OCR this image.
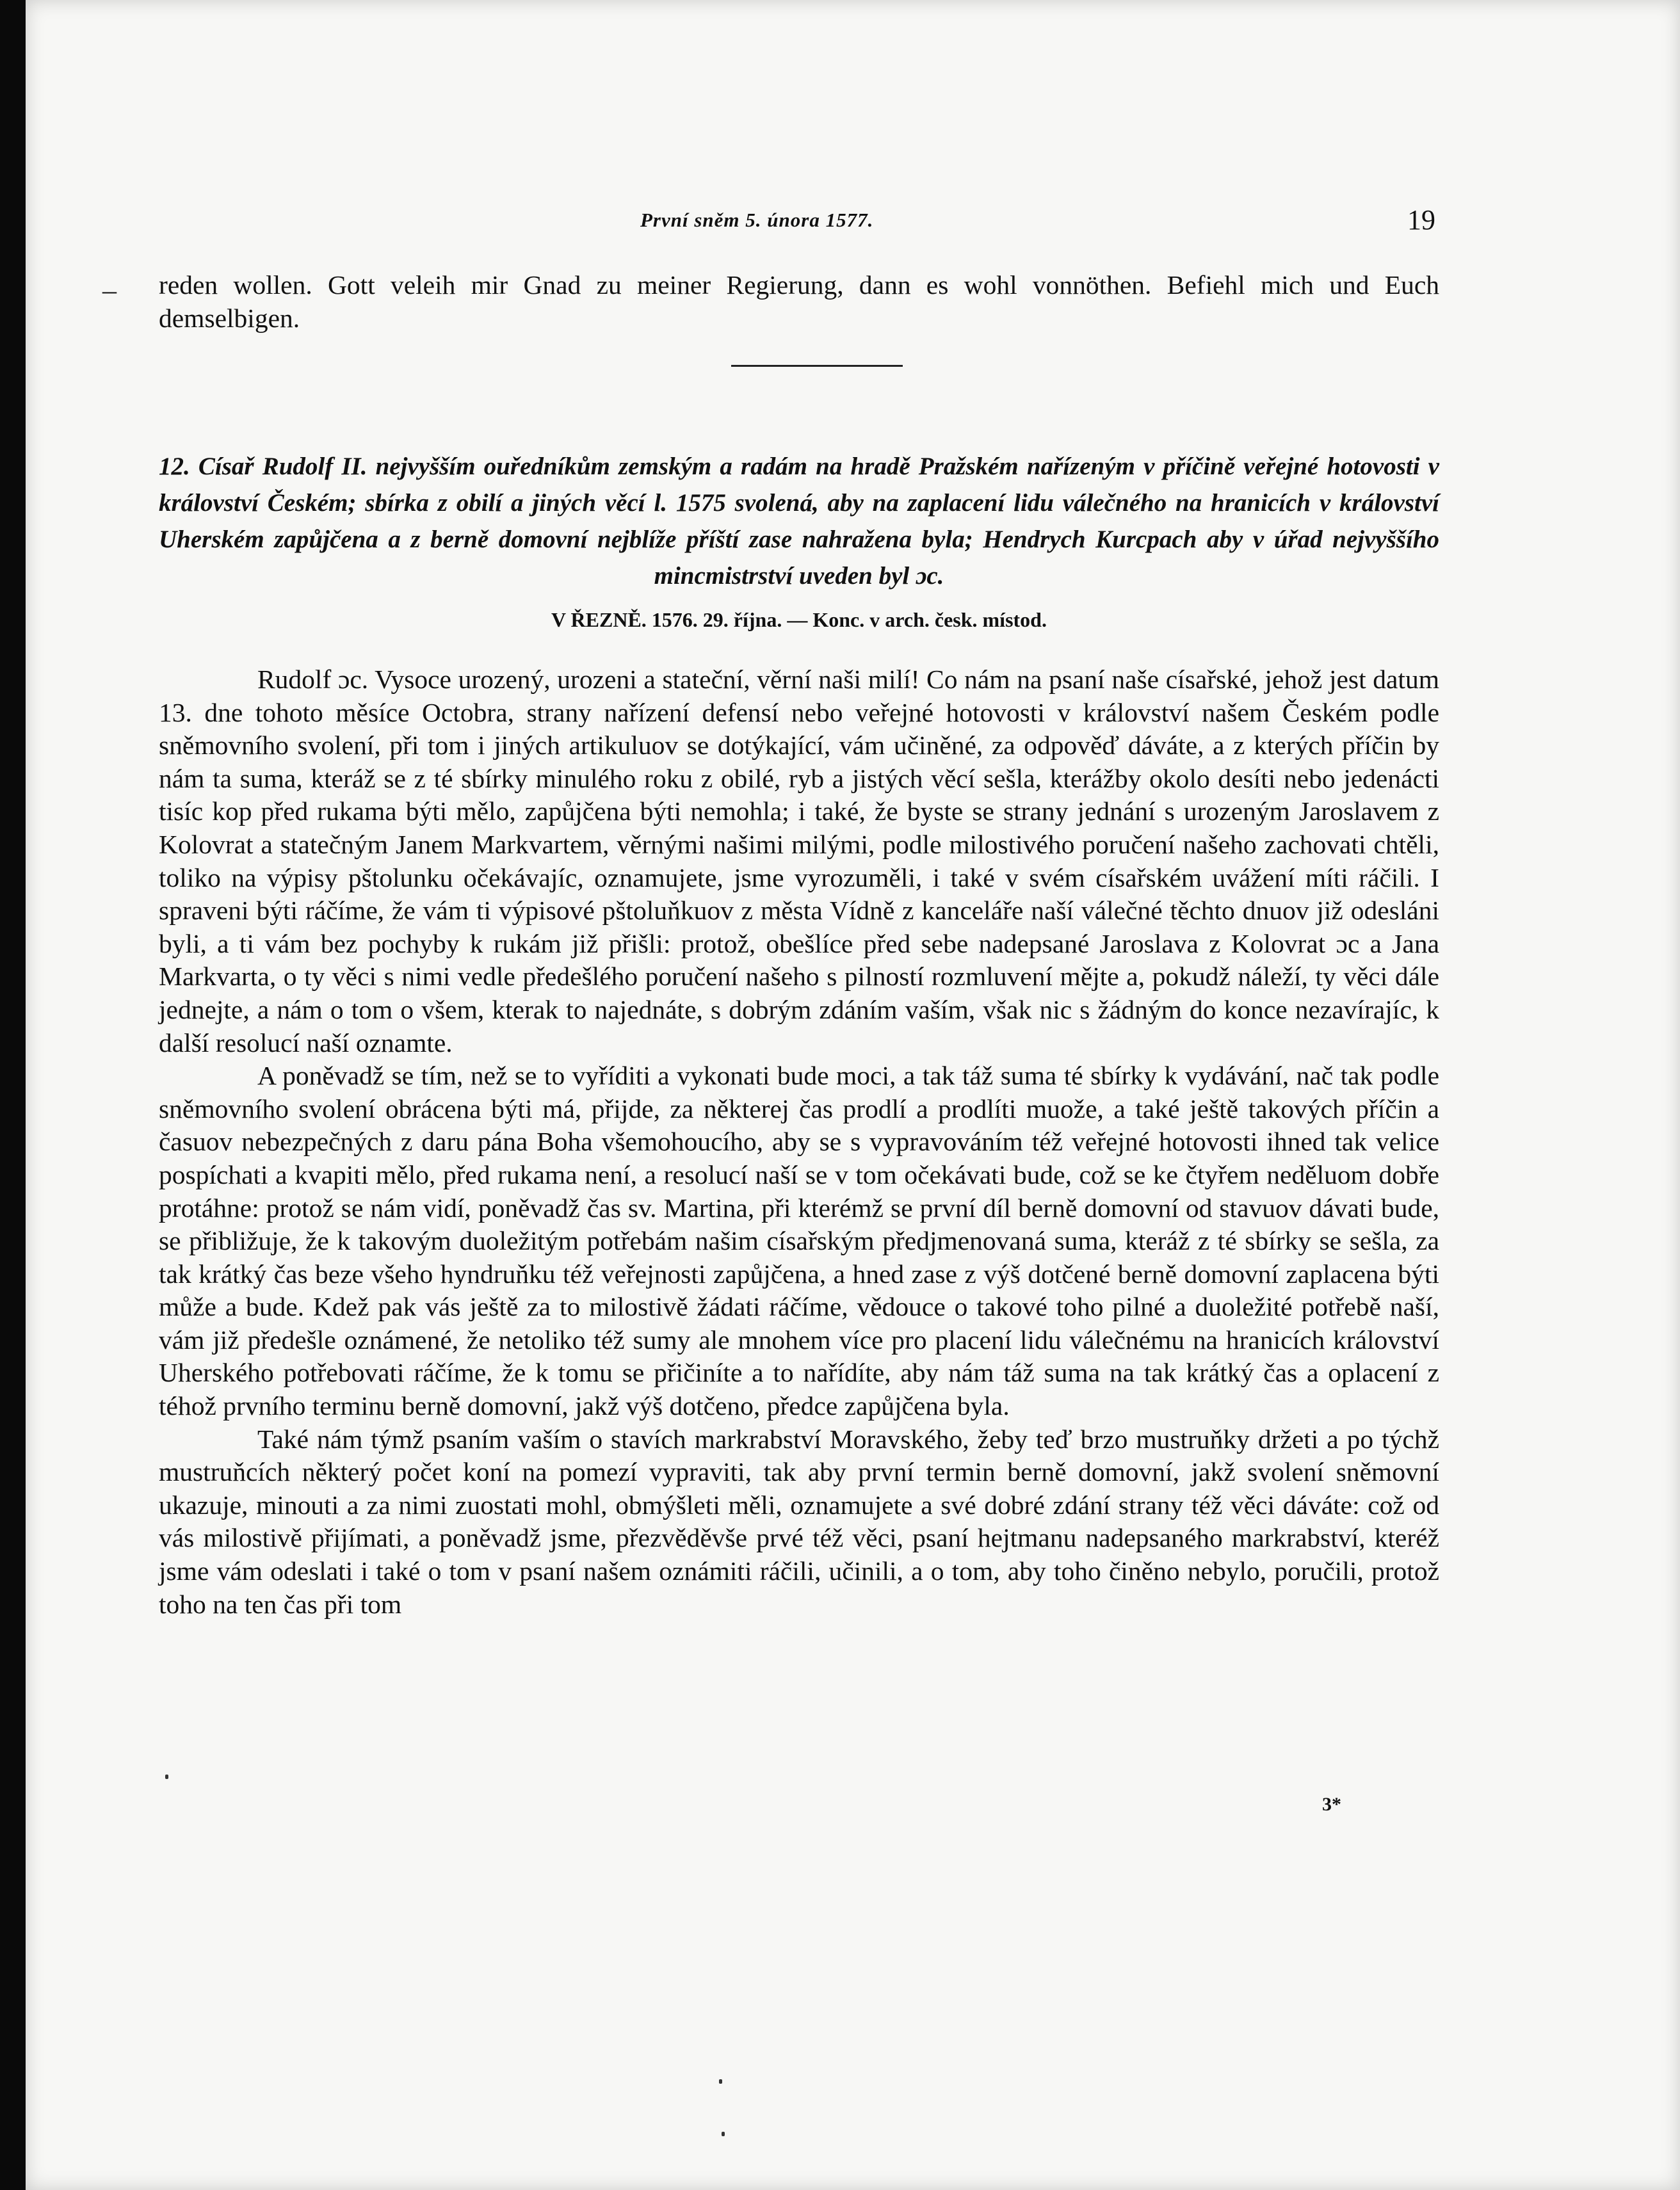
První sněm 5. února 1577.	19
– reden wollen. Gott veleih mir Gnad zu meiner Regierung, dann es wohl vonnöthen. Befiehl mich und Euch demselbigen.

12. Císař Rudolf II. nejvyšším ouředníkům zemským a radám na hradě Pražském nařízeným v příčině veřejné hotovosti v království Českém; sbírka z obilí a jiných věcí l. 1575 svolená, aby na zaplacení lidu válečného na hranicích v království Uherském zapůjčena a z berně domovní nejblíže příští zase nahražena byla; Hendrych Kurcpach aby v úřad nejvyššího mincmistrství uveden byl ɔc.
V ŘEZNĚ. 1576. 29. října. — Konc. v arch. česk. místod.

Rudolf ɔc. Vysoce urozený, urozeni a stateční, věrní naši milí! Co nám na psaní naše císařské, jehož jest datum 13. dne tohoto měsíce Octobra, strany nařízení defensí nebo veřejné hotovosti v království našem Českém podle sněmovního svolení, při tom i jiných artikuluov se dotýkající, vám učiněné, za odpověď dáváte, a z kterých příčin by nám ta suma, kteráž se z té sbírky minulého roku z obilé, ryb a jistých věcí sešla, kterážby okolo desíti nebo jedenácti tisíc kop před rukama býti mělo, zapůjčena býti nemohla; i také, že byste se strany jednání s urozeným Jaroslavem z Kolovrat a statečným Janem Markvartem, věrnými našimi milými, podle milostivého poručení našeho zachovati chtěli, toliko na výpisy pštolunku očekávajíc, oznamujete, jsme vyrozuměli, i také v svém císařském uvážení míti ráčili. I spraveni býti ráčíme, že vám ti výpisové pštoluňkuov z města Vídně z kanceláře naší válečné těchto dnuov již odesláni byli, a ti vám bez pochyby k rukám již přišli: protož, obešlíce před sebe nadepsané Jaroslava z Kolovrat ɔc a Jana Markvarta, o ty věci s nimi vedle předešlého poručení našeho s pilností rozmluvení mějte a, pokudž náleží, ty věci dále jednejte, a nám o tom o všem, kterak to najednáte, s dobrým zdáním vaším, však nic s žádným do konce nezavírajíc, k další resolucí naší oznamte.

A poněvadž se tím, než se to vyříditi a vykonati bude moci, a tak táž suma té sbírky k vydávání, nač tak podle sněmovního svolení obrácena býti má, přijde, za některej čas prodlí a prodlíti muože, a také ještě takových příčin a časuov nebezpečných z daru pána Boha všemohoucího, aby se s vypravováním též veřejné hotovosti ihned tak velice pospíchati a kvapiti mělo, před rukama není, a resolucí naší se v tom očekávati bude, což se ke čtyřem neděluom dobře protáhne: protož se nám vidí, poněvadž čas sv. Martina, při kterémž se první díl berně domovní od stavuov dávati bude, se přibližuje, že k takovým duoležitým potřebám našim císařským předjmenovaná suma, kteráž z té sbírky se sešla, za tak krátký čas beze všeho hyndruňku též veřejnosti zapůjčena, a hned zase z výš dotčené berně domovní zaplacena býti může a bude. Kdež pak vás ještě za to milostivě žádati ráčíme, vědouce o takové toho pilné a duoležité potřebě naší, vám již předešle oznámené, že netoliko též sumy ale mnohem více pro placení lidu válečnému na hranicích království Uherského potřebovati ráčíme, že k tomu se přičiníte a to nařídíte, aby nám táž suma na tak krátký čas a oplacení z téhož prvního terminu berně domovní, jakž výš dotčeno, předce zapůjčena byla.

Také nám týmž psaním vaším o stavích markrabství Moravského, žeby teď brzo mustruňky držeti a po týchž mustruňcích některý počet koní na pomezí vypraviti, tak aby první termin berně domovní, jakž svolení sněmovní ukazuje, minouti a za nimi zuostati mohl, obmýšleti měli, oznamujete a své dobré zdání strany též věci dáváte: což od vás milostivě přijímati, a poněvadž jsme, přezvěděvše prvé též věci, psaní hejtmanu nadepsaného markrabství, kteréž jsme vám odeslati i také o tom v psaní našem oznámiti ráčili, učinili, a o tom, aby toho činěno nebylo, poručili, protož toho na ten čas při tom

3*
